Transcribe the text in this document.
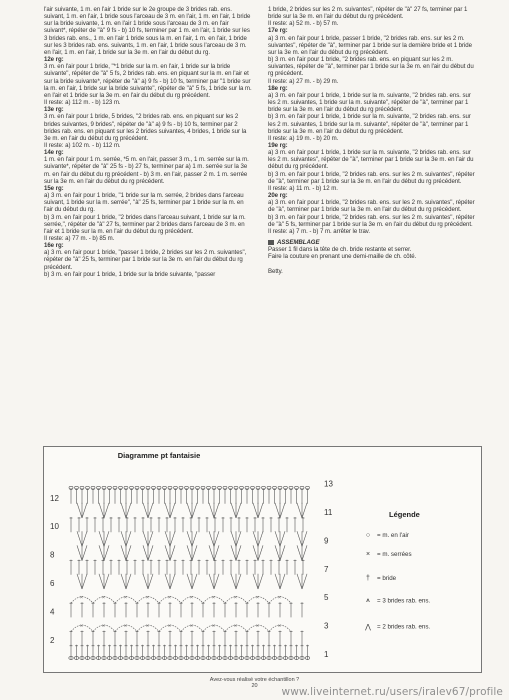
l'air suivante, 1 m. en l'air 1 bride sur le 2e groupe de 3 brides rab. ens. suivant, 1 m. en l'air, 1 bride sous l'arceau de 3 m. en l'air, 1 m. en l'air, 1 bride sur la bride suivante, 1 m. en l'air 1 bride sous l'arceau de 3 m. en l'air suivant*, répéter de "à" 9 fs - b) 10 fs, terminer par 1 m. en l'air, 1 bride sur les 3 brides rab. ens., 1 m. en l'air 1 bride sous la m. en l'air, 1 m. en l'air, 1 bride sur les 3 brides rab. ens. suivants, 1 m. en l'air, 1 bride sous l'arceau de 3 m. en l'air, 1 m. en l'air, 1 bride sur la 3e m. en l'air du début du rg.

12e rg:

3 m. en l'air pour 1 bride, "*1 bride sur la m. en l'air, 1 bride sur la bride suivante", répéter de "à" 5 fs, 2 brides rab. ens. en piquant sur la m. en l'air et sur la bride suivante*, répéter de "à" a) 9 fs - b) 10 fs, terminer par "1 bride sur la m. en l'air, 1 bride sur la bride suivante", répéter de "à" 5 fs, 1 bride sur la m. en l'air et 1 bride sur la 3e m. en l'air du début du rg précédent.

Il reste: a) 112 m. - b) 123 m.

13e rg:

3 m. en l'air pour 1 bride, 5 brides, "2 brides rab. ens. en piquant sur les 2 brides suivantes, 9 brides", répéter de "à" a) 9 fs - b) 10 fs, terminer par 2 brides rab. ens. en piquant sur les 2 brides suivantes, 4 brides, 1 bride sur la 3e m. en l'air du début du rg précédent.

Il reste: a) 102 m. - b) 112 m.

14e rg:

1 m. en l'air pour 1 m. serrée, *5 m. en l'air, passer 3 m., 1 m. serrée sur la m. suivante*, répéter de "à" 25 fs - b) 27 fs, terminer par a) 1 m. serrée sur la 3e m. en l'air du début du rg précédent - b) 3 m. en l'air, passer 2 m. 1 m. serrée sur la 3e m. en l'air du début du rg précédent.

15e rg:

a) 3 m. en l'air pour 1 bride, "1 bride sur la m. serrée, 2 brides dans l'arceau suivant, 1 bride sur la m. serrée", "à" 25 fs, terminer par 1 bride sur la m. en l'air du début du rg.

b) 3 m. en l'air pour 1 bride, "2 brides dans l'arceau suivant, 1 bride sur la m. serrée,", répéter de "à" 27 fs, terminer par 2 brides dans l'arceau de 3 m. en l'air et 1 bride sur la m. en l'air du début du rg précédent.

Il reste: a) 77 m. - b) 85 m.

16e rg:

a) 3 m. en l'air pour 1 bride, "passer 1 bride, 2 brides sur les 2 m. suivantes", répéter de "à" 25 fs, terminer par 1 bride sur la 3e m. en l'air du début du rg précédent.

b) 3 m. en l'air pour 1 bride, 1 bride sur la bride suivante, "passer

1 bride, 2 brides sur les 2 m. suivantes", répéter de "à" 27 fs, terminer par 1 bride sur la 3e m. en l'air du début du rg précédent.

Il reste: a) 52 m. - b) 57 m.

17e rg:

a) 3 m. en l'air pour 1 bride, passer 1 bride, "2 brides rab. ens. sur les 2 m. suivantes", répéter de "à", terminer par 1 bride sur la dernière bride et 1 bride sur la 3e m. en l'air du début du rg précédent.

b) 3 m. en l'air pour 1 bride, "2 brides rab. ens. en piquant sur les 2 m. suivantes, répéter de "à", terminer par 1 bride sur la 3e m. en l'air du début du rg précédent.

Il reste: a) 27 m. - b) 29 m.

18e rg:

a) 3 m. en l'air pour 1 bride, 1 bride sur la m. suivante, "2 brides rab. ens. sur les 2 m. suivantes, 1 bride sur la m. suivante", répéter de "à", terminer par 1 bride sur la 3e m. en l'air du début du rg précédent.

b) 3 m. en l'air pour 1 bride, 1 bride sur la m. suivante, "2 brides rab. ens. sur les 2 m. suivantes, 1 bride sur la m. suivante", répéter de "à", terminer par 1 bride sur la 3e m. en l'air du début du rg précédent.

Il reste: a) 19 m. - b) 20 m.

19e rg:

a) 3 m. en l'air pour 1 bride, 1 bride sur la m. suivante, "2 brides rab. ens. sur les 2 m. suivantes", répéter de "à", terminer par 1 bride sur la 3e m. en l'air du début du rg précédent.

b) 3 m. en l'air pour 1 bride, "2 brides rab. ens. sur les 2 m. suivantes", répéter de "à", terminer par 1 bride sur la 3e m. en l'air du début du rg précédent.

Il reste: a) 11 m. - b) 12 m.

20e rg:

a) 3 m. en l'air pour 1 bride, "2 brides rab. ens. sur les 2 m. suivantes", répéter de "à", terminer par 1 bride sur la 3e m. en l'air du début du rg précédent.

b) 3 m. en l'air pour 1 bride, "2 brides rab. ens. sur les 2 m. suivantes", répéter de "à" 5 fs, terminer par 1 bride sur la 3e m. en l'air du début du rg précédent.

Il reste: a) 7 m. - b) 7 m. arrêter le trav.

ASSEMBLAGE

Passer 1 fil dans la tête de ch. bride restante et serrer.

Faire la couture en prenant une demi-maille de ch. côté.

Betty.

Diagramme pt fantaisie
12
10
8
6
4
2
13
11
9
7
5
3
1
×	×	×	×	×	×	×	×	×	×
×	×	×	×	×	×	×	×	×	×
Légende
○ = m. en l'air
× = m. serrées
† = bride
⩚ = 3 brides rab. ens.
⋀ = 2 brides rab. ens.
Avez-vous réalisé votre échantillon ?
20	www.liveinternet.ru/users/iralev67/profile
